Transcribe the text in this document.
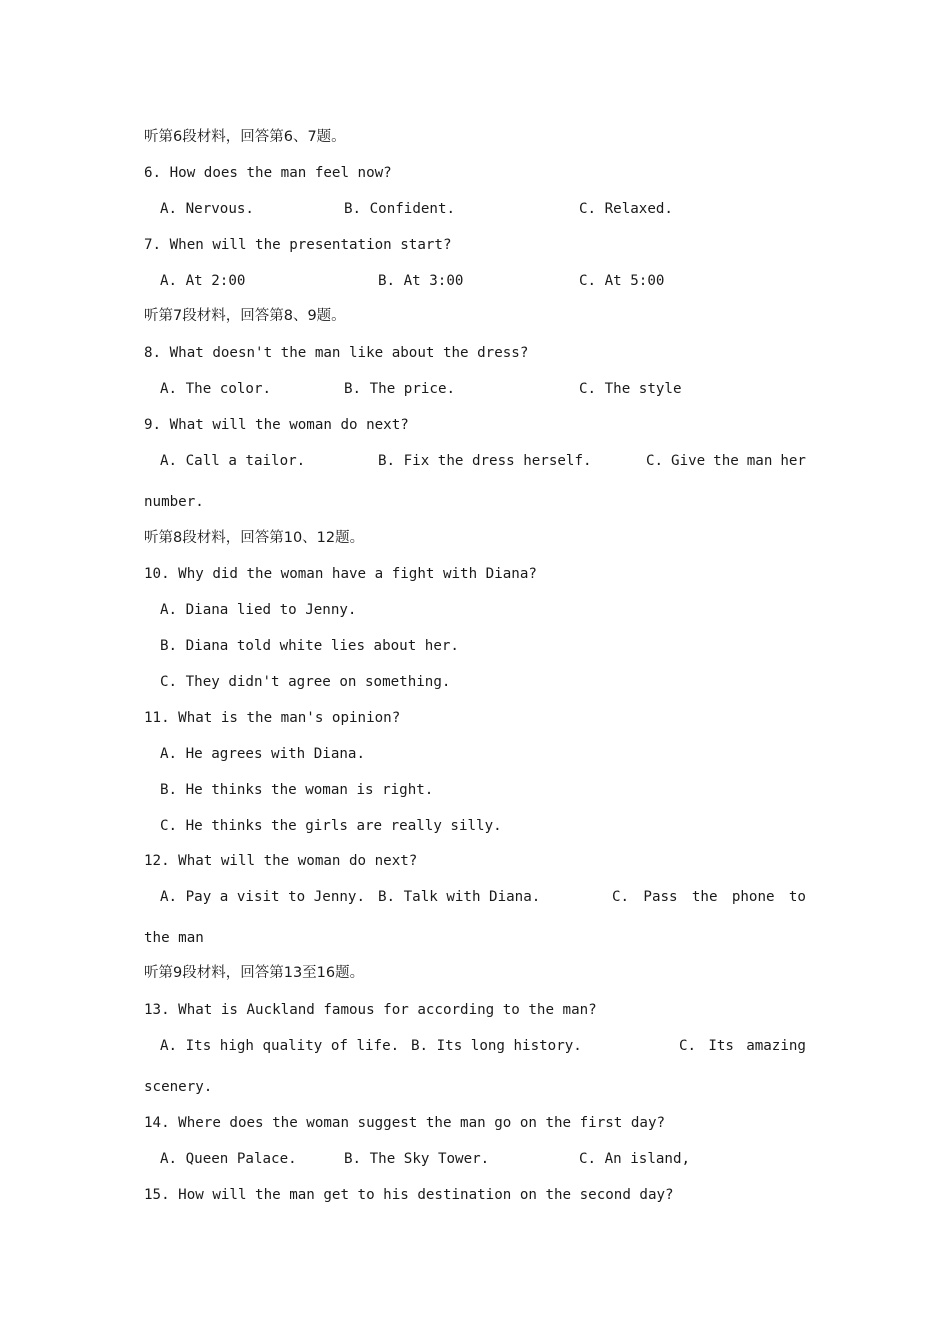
听第6段材料，回答第6、7题。
6. How does the man feel now?
A. Nervous.	B. Confident.	C. Relaxed.
7. When will the presentation start?
A. At 2:00	B. At 3:00	C. At 5:00
听第7段材料，回答第8、9题。
8. What doesn't the man like about the dress?
A. The color.	B. The price.	C. The style
9. What will the woman do next?
A. Call a tailor.	B. Fix the dress herself.	C. Give the man her
number.
听第8段材料，回答第10、12题。
10. Why did the woman have a fight with Diana?
A. Diana lied to Jenny.
B. Diana told white lies about her.
C. They didn't agree on something.
11. What is the man's opinion?
A. He agrees with Diana.
B. He thinks the woman is right.
C. He thinks the girls are really silly.
12. What will the woman do next?
A. Pay a visit to Jenny. B. Talk with Diana.	C. Pass the phone to
the man
听第9段材料，回答第13至16题。
13. What is Auckland famous for according to the man?
A. Its high quality of life. B. Its long history.	C. Its amazing
scenery.
14. Where does the woman suggest the man go on the first day?
A. Queen Palace.	B. The Sky Tower.	C. An island,
15. How will the man get to his destination on the second day?
